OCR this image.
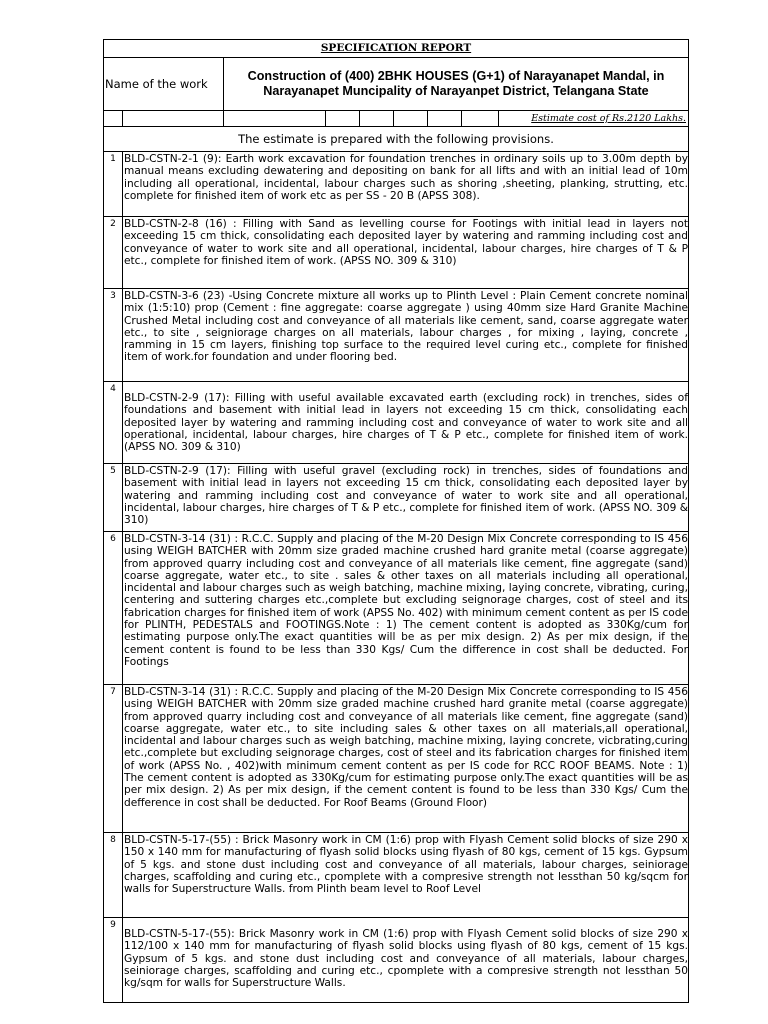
SPECIFICATION REPORT
Name of the work
Construction of (400) 2BHK HOUSES (G+1) of Narayanapet Mandal, in Narayanapet Muncipality of Narayanpet District, Telangana State
Estimate cost of Rs.2120 Lakhs.
The estimate is prepared with the following provisions.
1 BLD-CSTN-2-1 (9): Earth work excavation for foundation trenches in ordinary soils up to 3.00m depth by manual means excluding dewatering and depositing on bank for all lifts and with an initial lead of 10m including all operational, incidental, labour charges such as shoring ,sheeting, planking, strutting, etc. complete for finished item of work etc as per SS - 20 B (APSS 308).
2 BLD-CSTN-2-8 (16) : Filling with Sand as levelling course for Footings with initial lead in layers not exceeding 15 cm thick, consolidating each deposited layer by watering and ramming including cost and conveyance of water to work site and all operational, incidental, labour charges, hire charges of T & P etc., complete for finished item of work. (APSS NO. 309 & 310)
3 BLD-CSTN-3-6 (23) -Using Concrete mixture all works up to Plinth Level : Plain Cement concrete nominal mix (1:5:10) prop (Cement : fine aggregate: coarse aggregate ) using 40mm size Hard Granite Machine Crushed Metal including cost and conveyance of all materials like cement, sand, coarse aggregate water etc., to site , seigniorage charges on all materials, labour charges , for mixing , laying, concrete , ramming in 15 cm layers, finishing top surface to the required level curing etc., complete for finished item of work.for foundation and under flooring bed.
4
BLD-CSTN-2-9 (17): Filling with useful available excavated earth (excluding rock) in trenches, sides of foundations and basement with initial lead in layers not exceeding 15 cm thick, consolidating each deposited layer by watering and ramming including cost and conveyance of water to work site and all operational, incidental, labour charges, hire charges of T & P etc., complete for finished item of work. (APSS NO. 309 & 310)
5 BLD-CSTN-2-9 (17): Filling with useful gravel (excluding rock) in trenches, sides of foundations and basement with initial lead in layers not exceeding 15 cm thick, consolidating each deposited layer by watering and ramming including cost and conveyance of water to work site and all operational, incidental, labour charges, hire charges of T & P etc., complete for finished item of work. (APSS NO. 309 & 310)
6 BLD-CSTN-3-14 (31) : R.C.C. Supply and placing of the M-20 Design Mix Concrete corresponding to IS 456 using WEIGH BATCHER with 20mm size graded machine crushed hard granite metal (coarse aggregate) from approved quarry including cost and conveyance of all materials like cement, fine aggregate (sand) coarse aggregate, water etc., to site . sales & other taxes on all materials including all operational, incidental and labour charges such as weigh batching, machine mixing, laying concrete, vibrating, curing, centering and suttering charges etc.,complete but excluding seignorage charges, cost of steel and its fabrication charges for finished item of work (APSS No. 402) with minimum cement content as per IS code for PLINTH, PEDESTALS and FOOTINGS.Note : 1) The cement content is adopted as 330Kg/cum for estimating purpose only.The exact quantities will be as per mix design. 2) As per mix design, if the cement content is found to be less than 330 Kgs/ Cum the difference in cost shall be deducted. For Footings
7 BLD-CSTN-3-14 (31) : R.C.C. Supply and placing of the M-20 Design Mix Concrete corresponding to IS 456 using WEIGH BATCHER with 20mm size graded machine crushed hard granite metal (coarse aggregate) from approved quarry including cost and conveyance of all materials like cement, fine aggregate (sand) coarse aggregate, water etc., to site including sales & other taxes on all materials,all operational, incidental and labour charges such as weigh batching, machine mixing, laying concrete, vicbrating,curing etc.,complete but excluding seignorage charges, cost of steel and its fabrication charges for finished item of work (APSS No. , 402)with minimum cement content as per IS code for RCC ROOF BEAMS. Note : 1) The cement content is adopted as 330Kg/cum for estimating purpose only.The exact quantities will be as per mix design. 2) As per mix design, if the cement content is found to be less than 330 Kgs/ Cum the defference in cost shall be deducted. For Roof Beams (Ground Floor)
8 BLD-CSTN-5-17-(55) : Brick Masonry work in CM (1:6) prop with Flyash Cement solid blocks of size 290 x 150 x 140 mm for manufacturing of flyash solid blocks using flyash of 80 kgs, cement of 15 kgs. Gypsum of 5 kgs. and stone dust including cost and conveyance of all materials, labour charges, seiniorage charges, scaffolding and curing etc., cpomplete with a compresive strength not lessthan 50 kg/sqcm for walls for Superstructure Walls. from Plinth beam level to Roof Level
9
BLD-CSTN-5-17-(55): Brick Masonry work in CM (1:6) prop with Flyash Cement solid blocks of size 290 x 112/100 x 140 mm for manufacturing of flyash solid blocks using flyash of 80 kgs, cement of 15 kgs. Gypsum of 5 kgs. and stone dust including cost and conveyance of all materials, labour charges, seiniorage charges, scaffolding and curing etc., cpomplete with a compresive strength not lessthan 50 kg/sqm for walls for Superstructure Walls.
